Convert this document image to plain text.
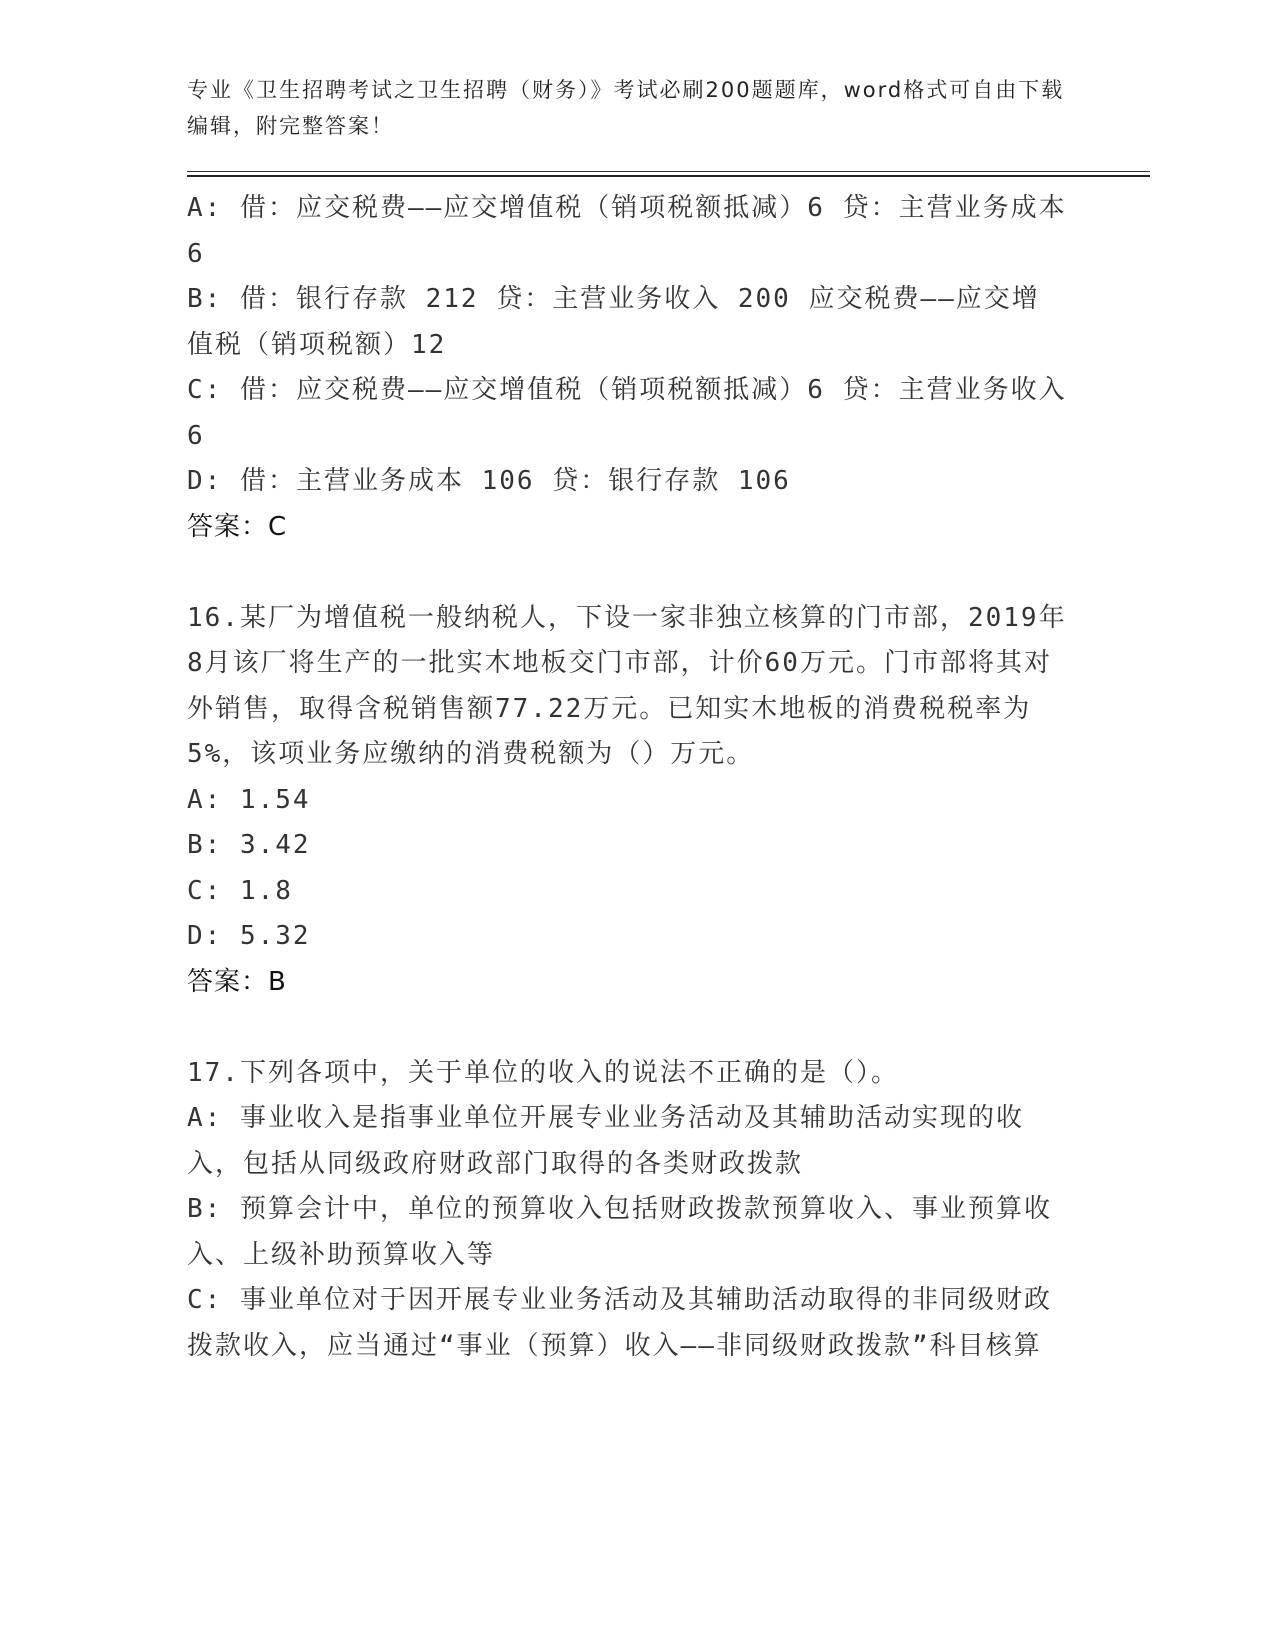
专业《卫生招聘考试之卫生招聘（财务）》考试必刷200题题库，word格式可自由下载编辑，附完整答案！
A: 借：应交税费——应交增值税（销项税额抵减）6 贷：主营业务成本 6
B: 借：银行存款 212 贷：主营业务收入 200 应交税费——应交增值税（销项税额）12
C: 借：应交税费——应交增值税（销项税额抵减）6 贷：主营业务收入 6
D: 借：主营业务成本 106 贷：银行存款 106
答案：C
16.某厂为增值税一般纳税人，下设一家非独立核算的门市部，2019年8月该厂将生产的一批实木地板交门市部，计价60万元。门市部将其对外销售，取得含税销售额77.22万元。已知实木地板的消费税税率为5%，该项业务应缴纳的消费税额为（）万元。
A: 1.54
B: 3.42
C: 1.8
D: 5.32
答案：B
17.下列各项中，关于单位的收入的说法不正确的是（）。
A: 事业收入是指事业单位开展专业业务活动及其辅助活动实现的收入，包括从同级政府财政部门取得的各类财政拨款
B: 预算会计中，单位的预算收入包括财政拨款预算收入、事业预算收入、上级补助预算收入等
C: 事业单位对于因开展专业业务活动及其辅助活动取得的非同级财政拨款收入，应当通过“事业（预算）收入——非同级财政拨款”科目核算
